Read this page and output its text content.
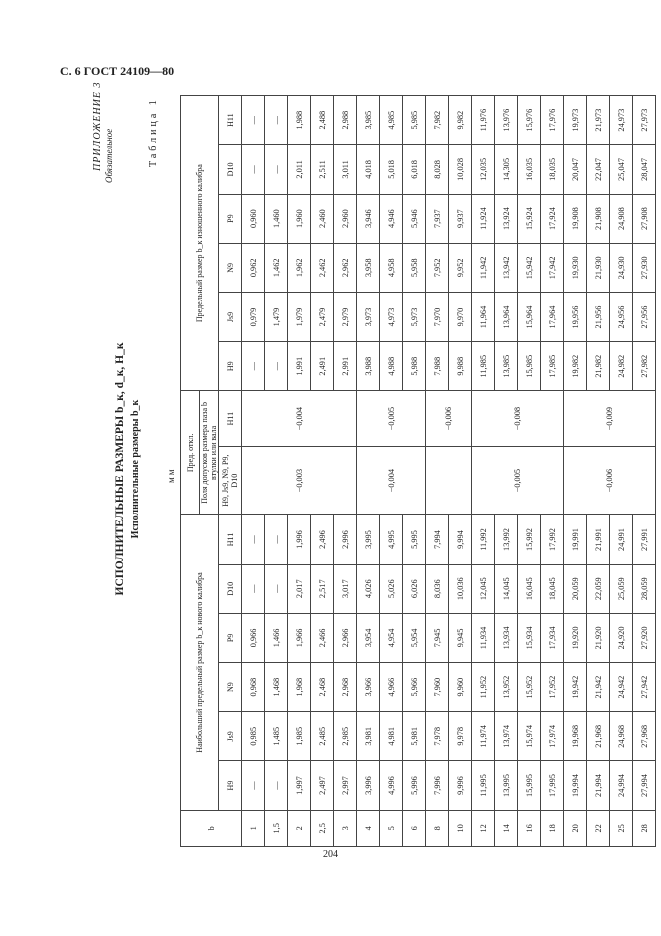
С. 6 ГОСТ 24109—80
ПРИЛОЖЕНИЕ 3 Обязательное
ИСПОЛНИТЕЛЬНЫЕ РАЗМЕРЫ b_к, d_к, H_к Исполнительные размеры b_к
Таблица 1
мм
b	Наибольший предельный размер b_к нового калибра						Пред. откл.		Предельный размер b_к изношенного калибра					
							Поля допусков размера паза b втулки или вала							
	H9	Js9	N9	P9	D10	H11	H9, Js9, N9, P9, D10	H11	H9	Js9	N9	P9	D10	H11
1	—	0,985	0,968	0,966	—	—	−0,003	−0,004	—	0,979	0,962	0,960	—	—
1,5	—	1,485	1,468	1,466	—	—			—	1,479	1,462	1,460	—	—
2	1,997	1,985	1,968	1,966	2,017	1,996			1,991	1,979	1,962	1,960	2,011	1,988
2,5	2,497	2,485	2,468	2,466	2,517	2,496			2,491	2,479	2,462	2,460	2,511	2,488
3	2,997	2,985	2,968	2,966	3,017	2,996			2,991	2,979	2,962	2,960	3,011	2,988
4	3,996	3,981	3,966	3,954	4,026	3,995	−0,004	−0,005	3,988	3,973	3,958	3,946	4,018	3,985
5	4,996	4,981	4,966	4,954	5,026	4,995			4,988	4,973	4,958	4,946	5,018	4,985
6	5,996	5,981	5,966	5,954	6,026	5,995			5,988	5,973	5,958	5,946	6,018	5,985
8	7,996	7,978	7,960	7,945	8,036	7,994		−0,006	7,988	7,970	7,952	7,937	8,028	7,982
10	9,996	9,978	9,960	9,945	10,036	9,994			9,988	9,970	9,952	9,937	10,028	9,982
12	11,995	11,974	11,952	11,934	12,045	11,992	−0,005	−0,008	11,985	11,964	11,942	11,924	12,035	11,976
14	13,995	13,974	13,952	13,934	14,045	13,992			13,985	13,964	13,942	13,924	14,305	13,976
16	15,995	15,974	15,952	15,934	16,045	15,992			15,985	15,964	15,942	15,924	16,035	15,976
18	17,995	17,974	17,952	17,934	18,045	17,992			17,985	17,964	17,942	17,924	18,035	17,976
20	19,994	19,968	19,942	19,920	20,059	19,991	−0,006	−0,009	19,982	19,956	19,930	19,908	20,047	19,973
22	21,994	21,968	21,942	21,920	22,059	21,991			21,982	21,956	21,930	21,908	22,047	21,973
25	24,994	24,968	24,942	24,920	25,059	24,991			24,982	24,956	24,930	24,908	25,047	24,973
28	27,994	27,968	27,942	27,920	28,059	27,991			27,982	27,956	27,930	27,908	28,047	27,973
204
